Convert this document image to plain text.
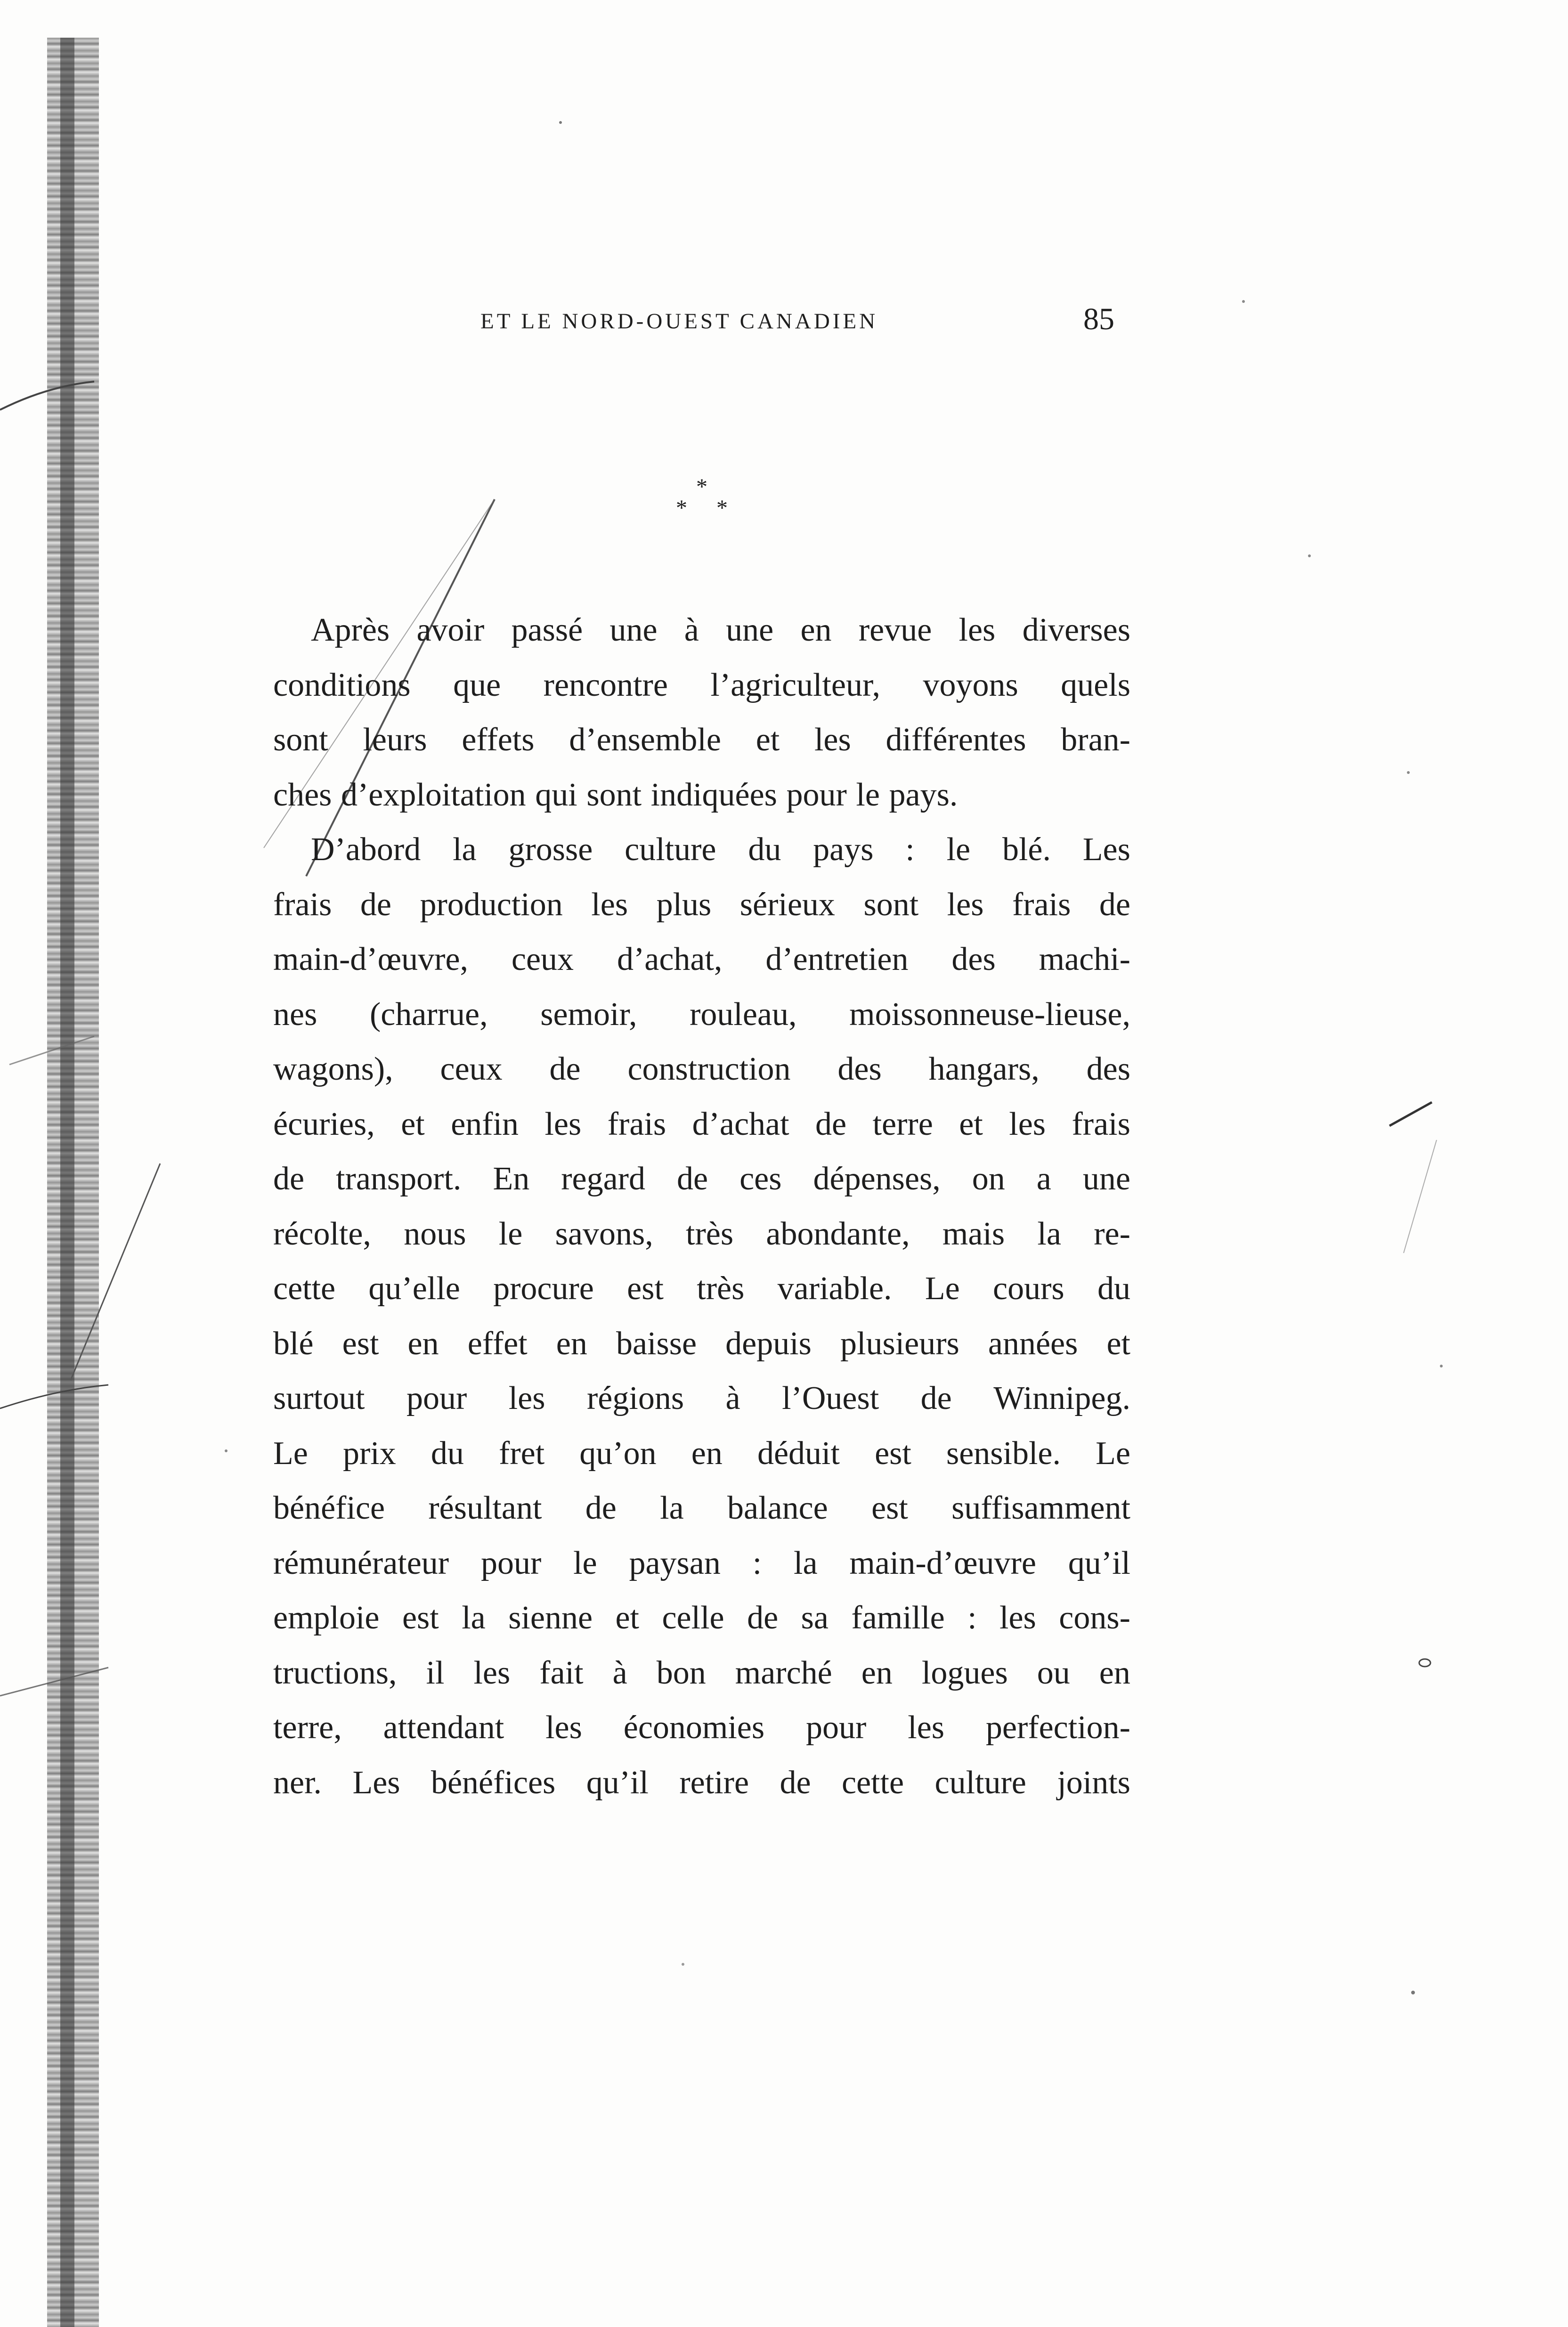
ET LE NORD-OUEST CANADIEN	85
*
* *
Après avoir passé une à une en revue les diverses
conditions que rencontre l’agriculteur, voyons quels
sont leurs effets d’ensemble et les différentes bran-
ches d’exploitation qui sont indiquées pour le pays.
D’abord la grosse culture du pays : le blé. Les
frais de production les plus sérieux sont les frais de
main-d’œuvre, ceux d’achat, d’entretien des machi-
nes (charrue, semoir, rouleau, moissonneuse-lieuse,
wagons), ceux de construction des hangars, des
écuries, et enfin les frais d’achat de terre et les frais
de transport. En regard de ces dépenses, on a une
récolte, nous le savons, très abondante, mais la re-
cette qu’elle procure est très variable. Le cours du
blé est en effet en baisse depuis plusieurs années et
surtout pour les régions à l’Ouest de Winnipeg.
Le prix du fret qu’on en déduit est sensible. Le
bénéfice résultant de la balance est suffisamment
rémunérateur pour le paysan : la main-d’œuvre qu’il
emploie est la sienne et celle de sa famille : les cons-
tructions, il les fait à bon marché en logues ou en
terre, attendant les économies pour les perfection-
ner. Les bénéfices qu’il retire de cette culture joints
